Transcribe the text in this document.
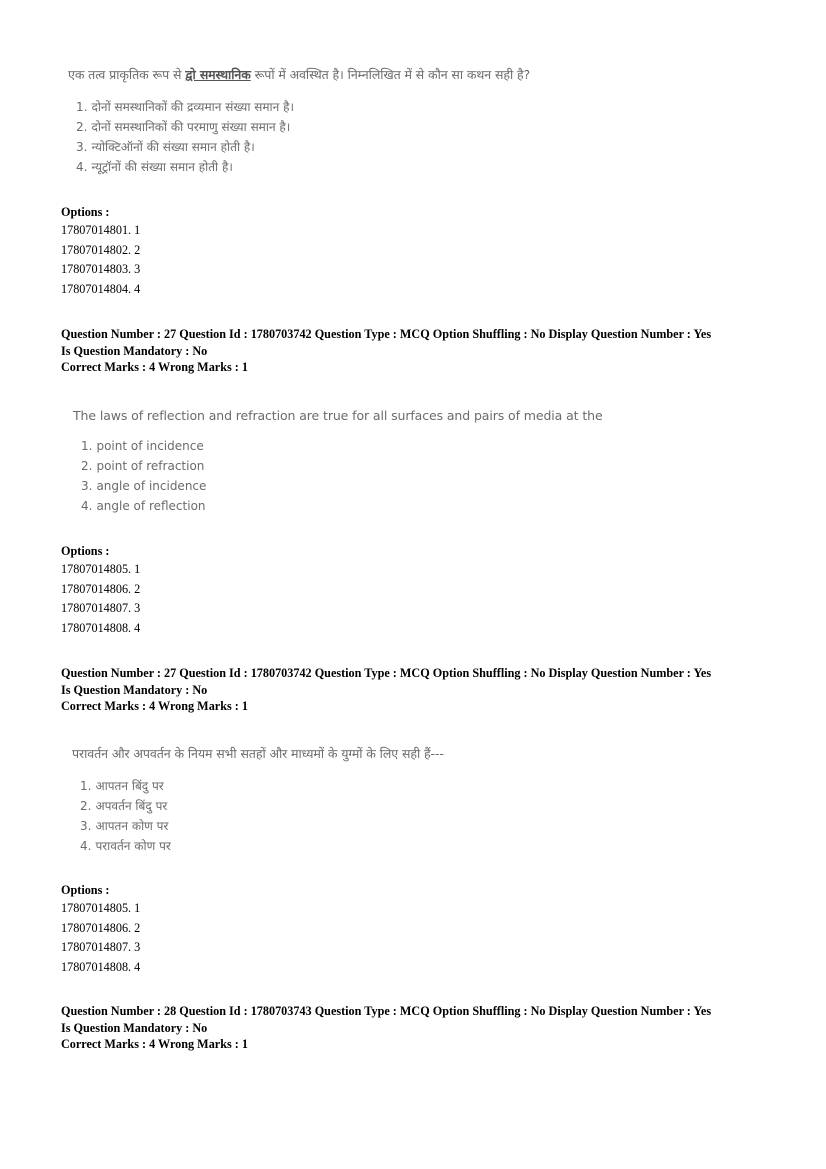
एक तत्व प्राकृतिक रूप से द्वो समस्थानिक रूपों में अवस्थित है। निम्नलिखित में से कौन सा कथन सही है?
1. दोनों समस्थानिकों की द्रव्यमान संख्या समान है।
2. दोनों समस्थानिकों की परमाणु संख्या समान है।
3. न्योक्टिऑनों की संख्या समान होती है।
4. न्यूट्रॉनों की संख्या समान होती है।
Options :
17807014801. 1
17807014802. 2
17807014803. 3
17807014804. 4
Question Number : 27 Question Id : 1780703742 Question Type : MCQ Option Shuffling : No Display Question Number : Yes
Is Question Mandatory : No
Correct Marks : 4 Wrong Marks : 1
The laws of reflection and refraction are true for all surfaces and pairs of media at the
1. point of incidence
2. point of refraction
3. angle of incidence
4. angle of reflection
Options :
17807014805. 1
17807014806. 2
17807014807. 3
17807014808. 4
Question Number : 27 Question Id : 1780703742 Question Type : MCQ Option Shuffling : No Display Question Number : Yes
Is Question Mandatory : No
Correct Marks : 4 Wrong Marks : 1
परावर्तन और अपवर्तन के नियम सभी सतहों और माध्यमों के युग्मों के लिए सही हैं---
1. आपतन बिंदु पर
2. अपवर्तन बिंदु पर
3. आपतन कोण पर
4. परावर्तन कोण पर
Options :
17807014805. 1
17807014806. 2
17807014807. 3
17807014808. 4
Question Number : 28 Question Id : 1780703743 Question Type : MCQ Option Shuffling : No Display Question Number : Yes
Is Question Mandatory : No
Correct Marks : 4 Wrong Marks : 1
